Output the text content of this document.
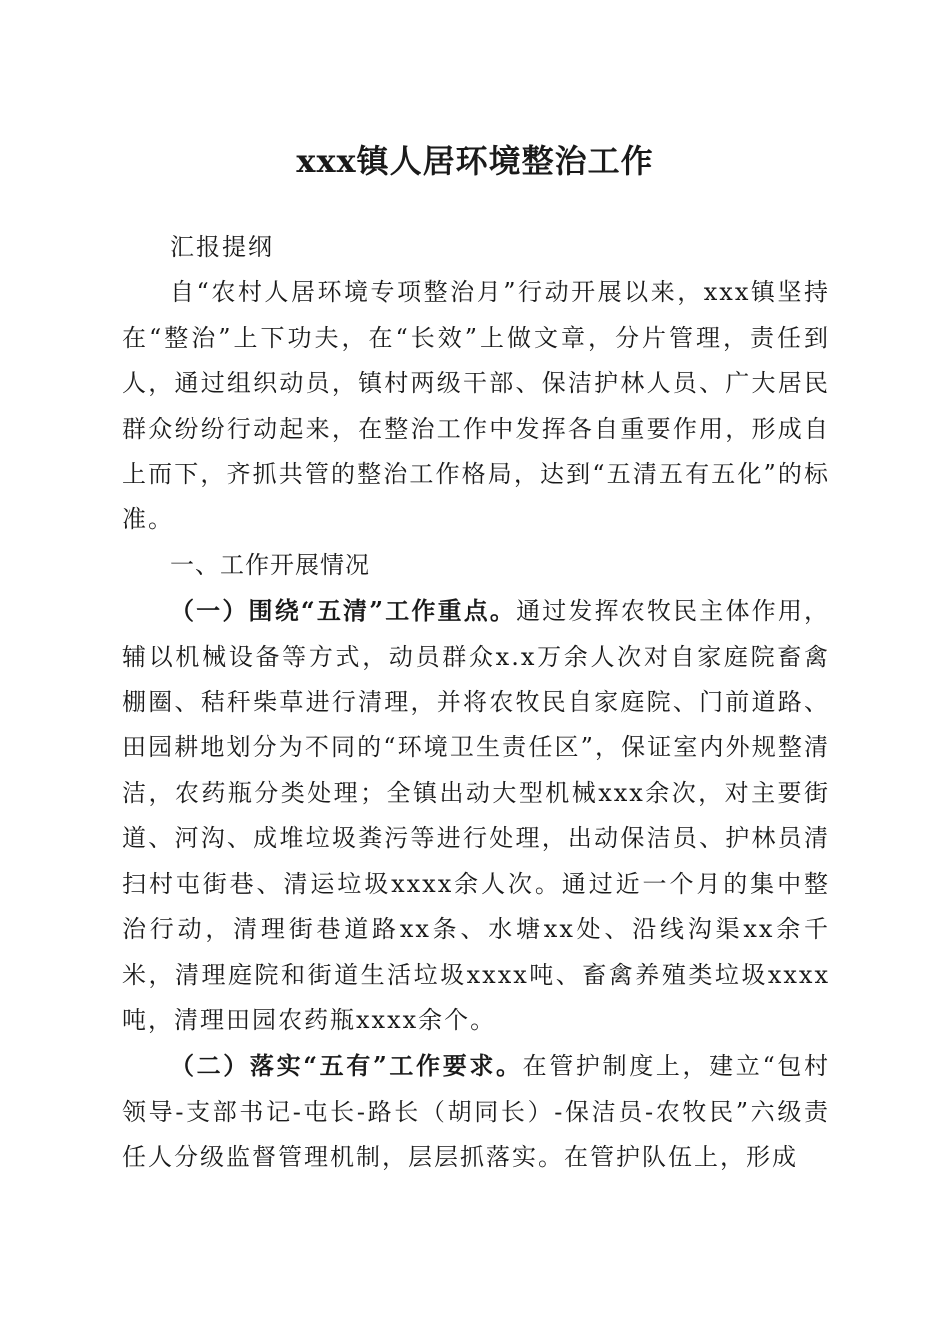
xxx镇人居环境整治工作

汇报提纲

自“农村人居环境专项整治月”行动开展以来，xxx镇坚持在“整治”上下功夫，在“长效”上做文章，分片管理，责任到人，通过组织动员，镇村两级干部、保洁护林人员、广大居民群众纷纷行动起来，在整治工作中发挥各自重要作用，形成自上而下，齐抓共管的整治工作格局，达到“五清五有五化”的标准。

一、工作开展情况

（一）围绕“五清”工作重点。通过发挥农牧民主体作用，辅以机械设备等方式，动员群众x.x万余人次对自家庭院畜禽棚圈、秸秆柴草进行清理，并将农牧民自家庭院、门前道路、田园耕地划分为不同的“环境卫生责任区”，保证室内外规整清洁，农药瓶分类处理；全镇出动大型机械xxx余次，对主要街道、河沟、成堆垃圾粪污等进行处理，出动保洁员、护林员清扫村屯街巷、清运垃圾xxxx余人次。通过近一个月的集中整治行动，清理街巷道路xx条、水塘xx处、沿线沟渠xx余千米，清理庭院和街道生活垃圾xxxx吨、畜禽养殖类垃圾xxxx吨，清理田园农药瓶xxxx余个。

（二）落实“五有”工作要求。在管护制度上，建立“包村领导-支部书记-屯长-路长（胡同长）-保洁员-农牧民”六级责任人分级监督管理机制，层层抓落实。在管护队伍上，形成
